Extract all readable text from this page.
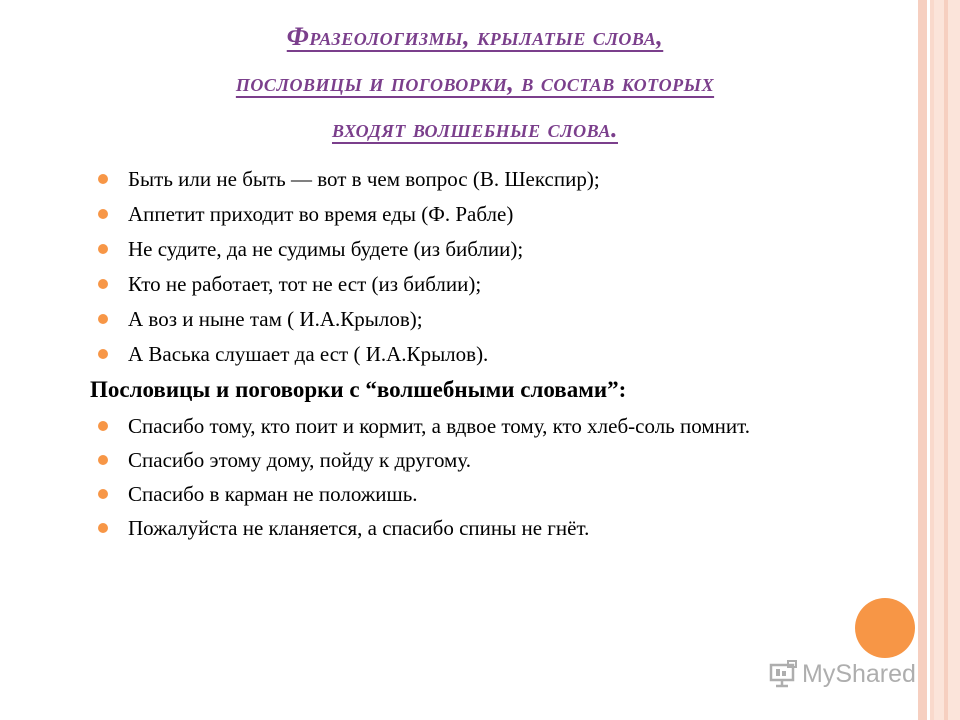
Фразеологизмы, крылатые слова,
пословицы и поговорки, в состав которых
входят волшебные слова.
Быть или не быть — вот в чем вопрос (В. Шекспир);
Аппетит приходит во время еды (Ф. Рабле)
Не судите, да не судимы будете (из библии);
Кто не работает, тот не ест (из библии);
А воз и ныне там ( И.А.Крылов);
А Васька слушает да ест ( И.А.Крылов).
Пословицы и поговорки с “волшебными словами”:
Спасибо тому, кто поит и кормит, а вдвое тому, кто хлеб-соль помнит.
Спасибо этому дому, пойду к другому.
Спасибо в карман не положишь.
Пожалуйста не кланяется, а спасибо спины не гнёт.
MyShared
